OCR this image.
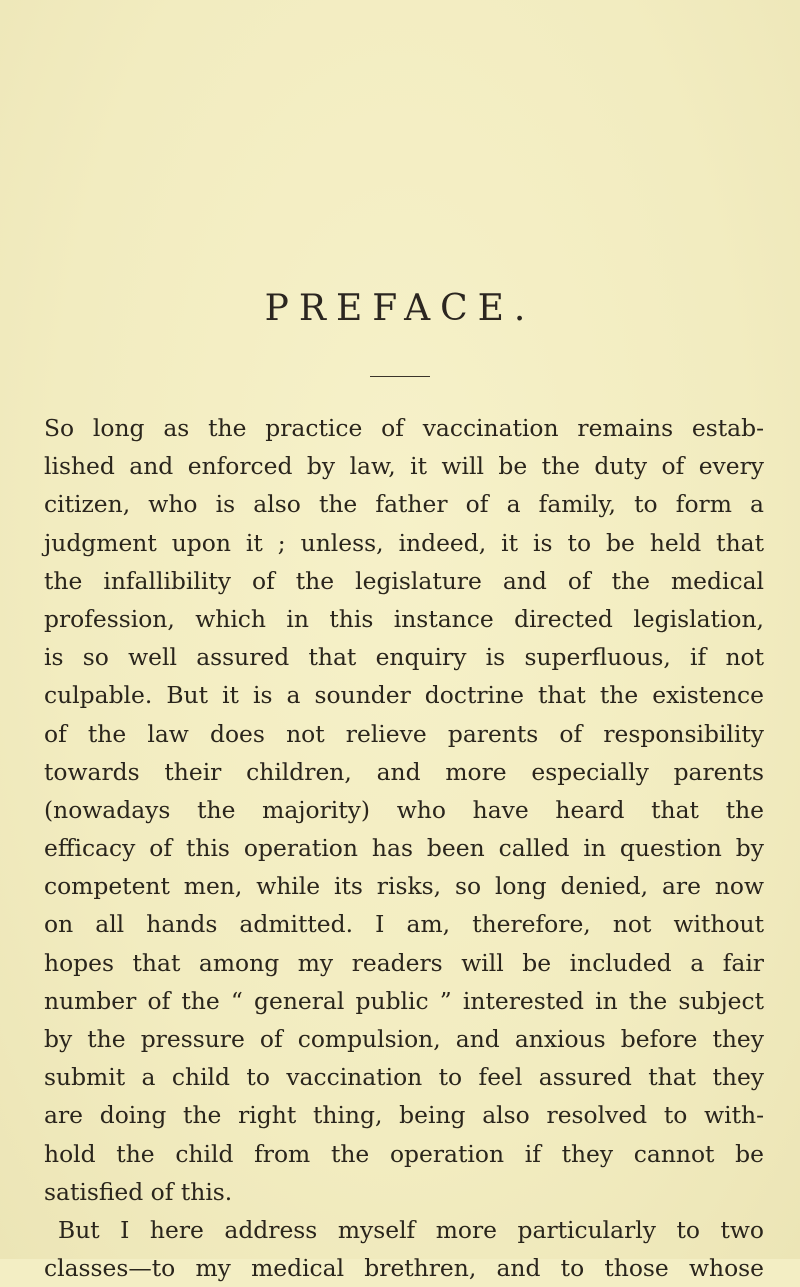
PREFACE.
So long as the practice of vaccination remains estab-
lished and enforced by law, it will be the duty of every
citizen, who is also the father of a family, to form a
judgment upon it ; unless, indeed, it is to be held that
the infallibility of the legislature and of the medical
profession, which in this instance directed legislation,
is so well assured that enquiry is superfluous, if not
culpable. But it is a sounder doctrine that the existence
of the law does not relieve parents of responsibility
towards their children, and more especially parents
(nowadays the majority) who have heard that the
efficacy of this operation has been called in question by
competent men, while its risks, so long denied, are now
on all hands admitted. I am, therefore, not without
hopes that among my readers will be included a fair
number of the “ general public ” interested in the subject
by the pressure of compulsion, and anxious before they
submit a child to vaccination to feel assured that they
are doing the right thing, being also resolved to with-
hold the child from the operation if they cannot be
satisfied of this.
But I here address myself more particularly to two
classes—to my medical brethren, and to those whose
